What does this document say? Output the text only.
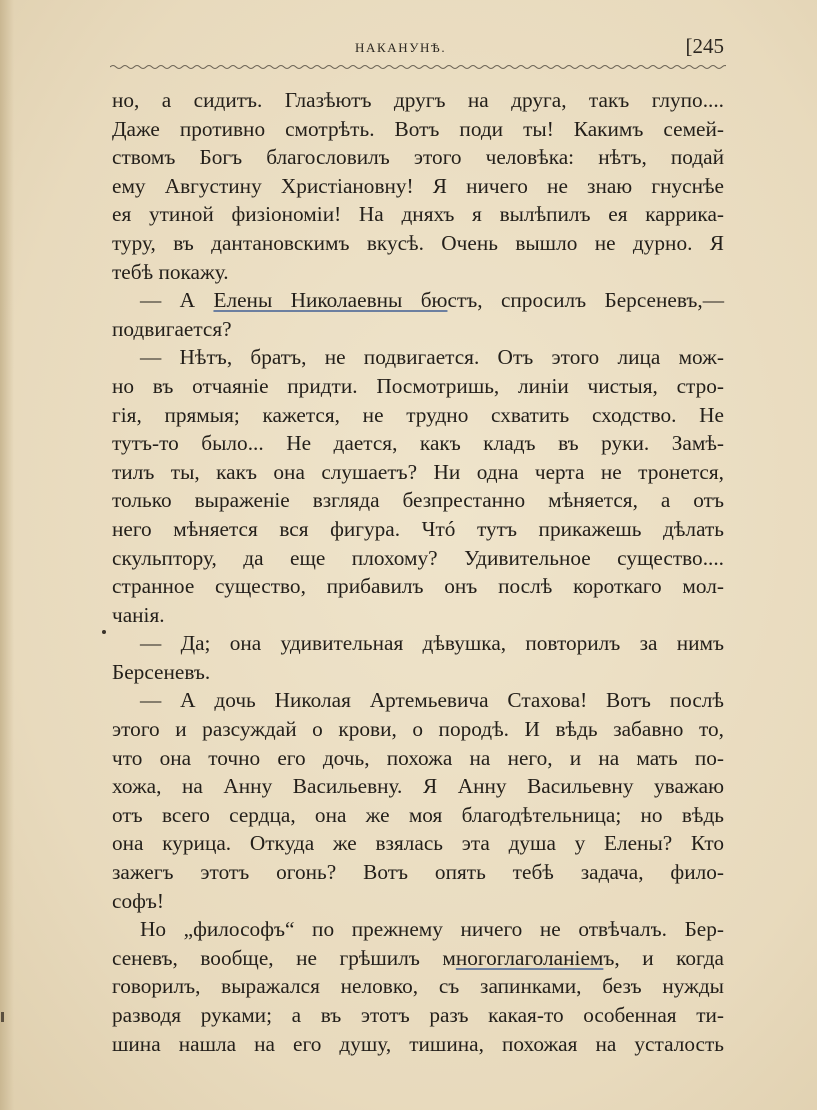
НАКАНУНѢ.	[245
но, а сидитъ. Глазѣютъ другъ на друга, такъ глупо....
Даже противно смотрѣть. Вотъ поди ты! Какимъ семей-
ствомъ Богъ благословилъ этого человѣка: нѣтъ, подай
ему Августину Христіановну! Я ничего не знаю гнуснѣе
ея утиной физіономіи! На дняхъ я вылѣпилъ ея каррика-
туру, въ дантановскимъ вкусѣ. Очень вышло не дурно. Я
тебѣ покажу.
— А Елены Николаевны бюстъ, спросилъ Берсеневъ,—
подвигается?
— Нѣтъ, братъ, не подвигается. Отъ этого лица мож-
но въ отчаяніе придти. Посмотришь, линіи чистыя, стро-
гія, прямыя; кажется, не трудно схватить сходство. Не
тутъ-то было... Не дается, какъ кладъ въ руки. Замѣ-
тилъ ты, какъ она слушаетъ? Ни одна черта не тронется,
только выраженіе взгляда безпрестанно мѣняется, а отъ
него мѣняется вся фигура. Чтó тутъ прикажешь дѣлать
скульптору, да еще плохому? Удивительное существо....
странное существо, прибавилъ онъ послѣ короткаго мол-
чанія.
— Да; она удивительная дѣвушка, повторилъ за нимъ
Берсеневъ.
— А дочь Николая Артемьевича Стахова! Вотъ послѣ
этого и разсуждай о крови, о породѣ. И вѣдь забавно то,
что она точно его дочь, похожа на него, и на мать по-
хожа, на Анну Васильевну. Я Анну Васильевну уважаю
отъ всего сердца, она же моя благодѣтельница; но вѣдь
она курица. Откуда же взялась эта душа у Елены? Кто
зажегъ этотъ огонь? Вотъ опять тебѣ задача, фило-
софъ!
Но „философъ“ по прежнему ничего не отвѣчалъ. Бер-
сеневъ, вообще, не грѣшилъ многоглаголаніемъ, и когда
говорилъ, выражался неловко, съ запинками, безъ нужды
разводя руками; а въ этотъ разъ какая-то особенная ти-
шина нашла на его душу, тишина, похожая на усталость
